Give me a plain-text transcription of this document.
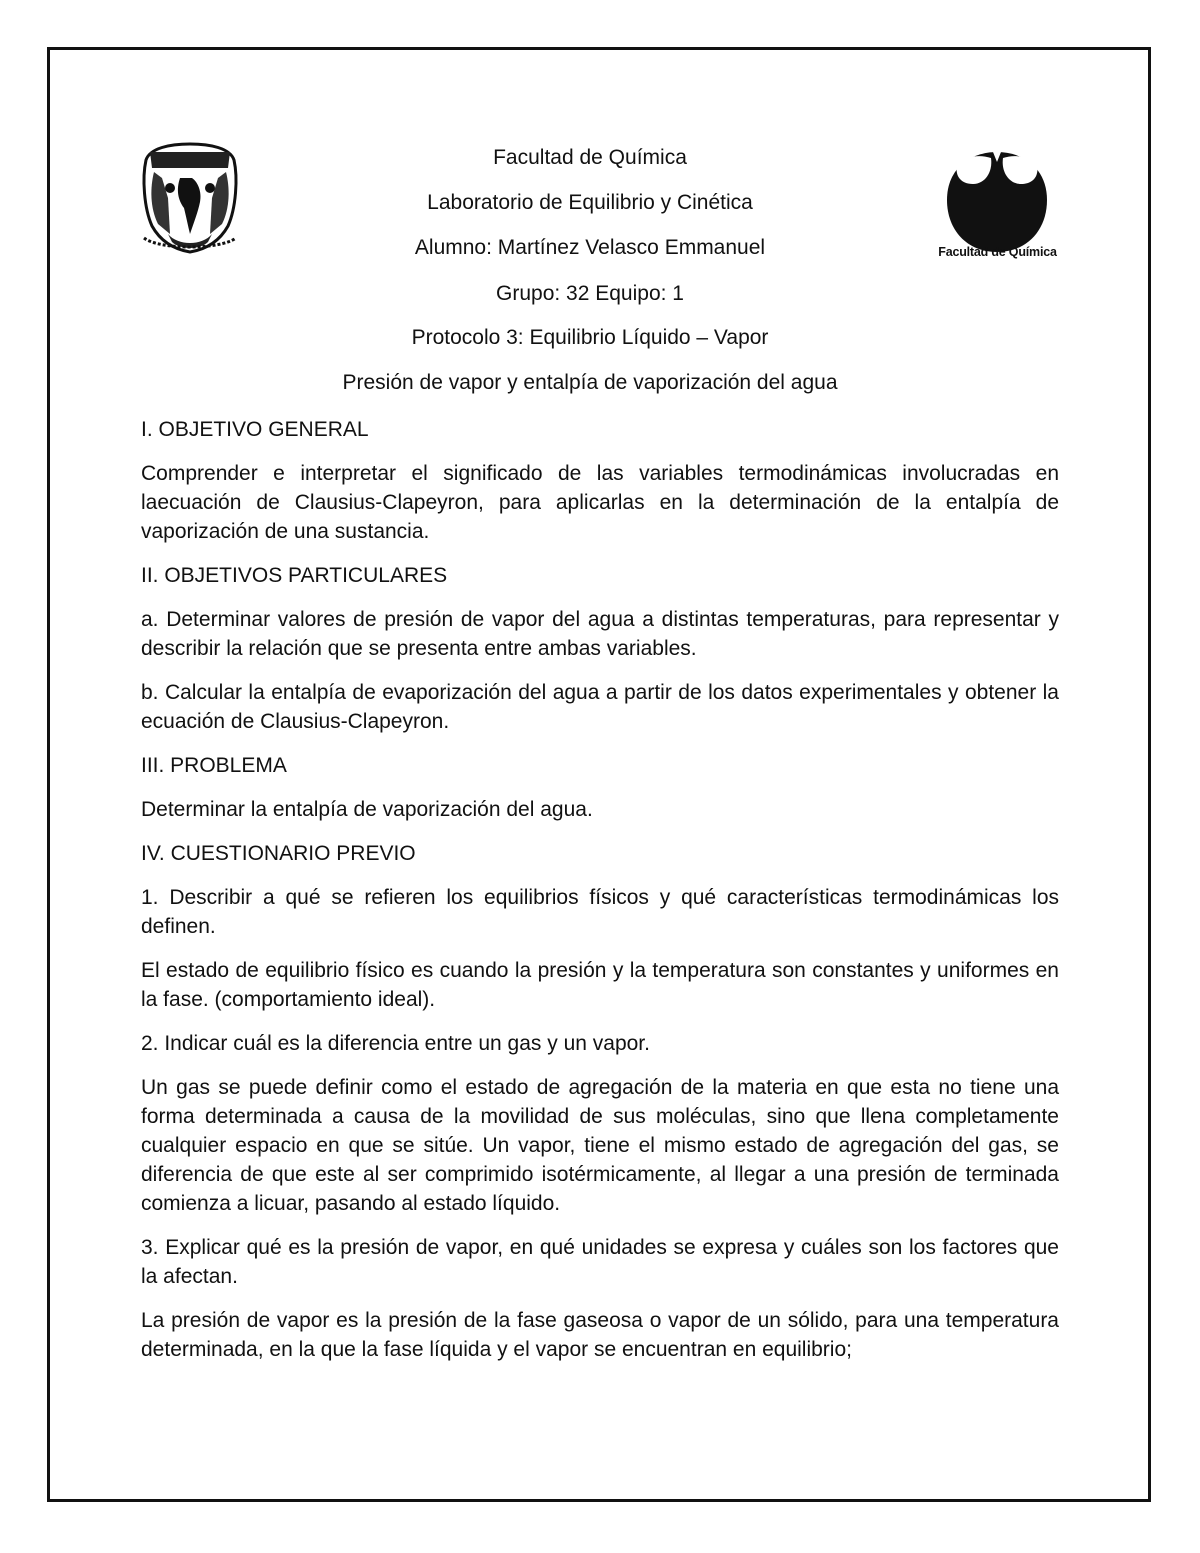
Facultad de Química
Facultad de Química
Laboratorio de Equilibrio y Cinética
Alumno: Martínez Velasco Emmanuel
Grupo: 32 Equipo: 1
Protocolo 3: Equilibrio Líquido – Vapor
Presión de vapor y entalpía de vaporización del agua

I. OBJETIVO GENERAL

Comprender e interpretar el significado de las variables termodinámicas involucradas en laecuación de Clausius-Clapeyron, para aplicarlas en la determinación de la entalpía de vaporización de una sustancia.

II. OBJETIVOS PARTICULARES

a. Determinar valores de presión de vapor del agua a distintas temperaturas, para representar y describir la relación que se presenta entre ambas variables.

b. Calcular la entalpía de evaporización del agua a partir de los datos experimentales y obtener la ecuación de Clausius-Clapeyron.

III. PROBLEMA

Determinar la entalpía de vaporización del agua.

IV. CUESTIONARIO PREVIO

1. Describir a qué se refieren los equilibrios físicos y qué características termodinámicas los definen.

El estado de equilibrio físico es cuando la presión y la temperatura son constantes y uniformes en la fase. (comportamiento ideal).

2. Indicar cuál es la diferencia entre un gas y un vapor.

Un gas se puede definir como el estado de agregación de la materia en que esta no tiene una forma determinada a causa de la movilidad de sus moléculas, sino que llena completamente cualquier espacio en que se sitúe. Un vapor, tiene el mismo estado de agregación del gas, se diferencia de que este al ser comprimido isotérmicamente, al llegar a una presión de terminada comienza a licuar, pasando al estado líquido.

3. Explicar qué es la presión de vapor, en qué unidades se expresa y cuáles son los factores que la afectan.

La presión de vapor es la presión de la fase gaseosa o vapor de un sólido, para una temperatura determinada, en la que la fase líquida y el vapor se encuentran en equilibrio;
